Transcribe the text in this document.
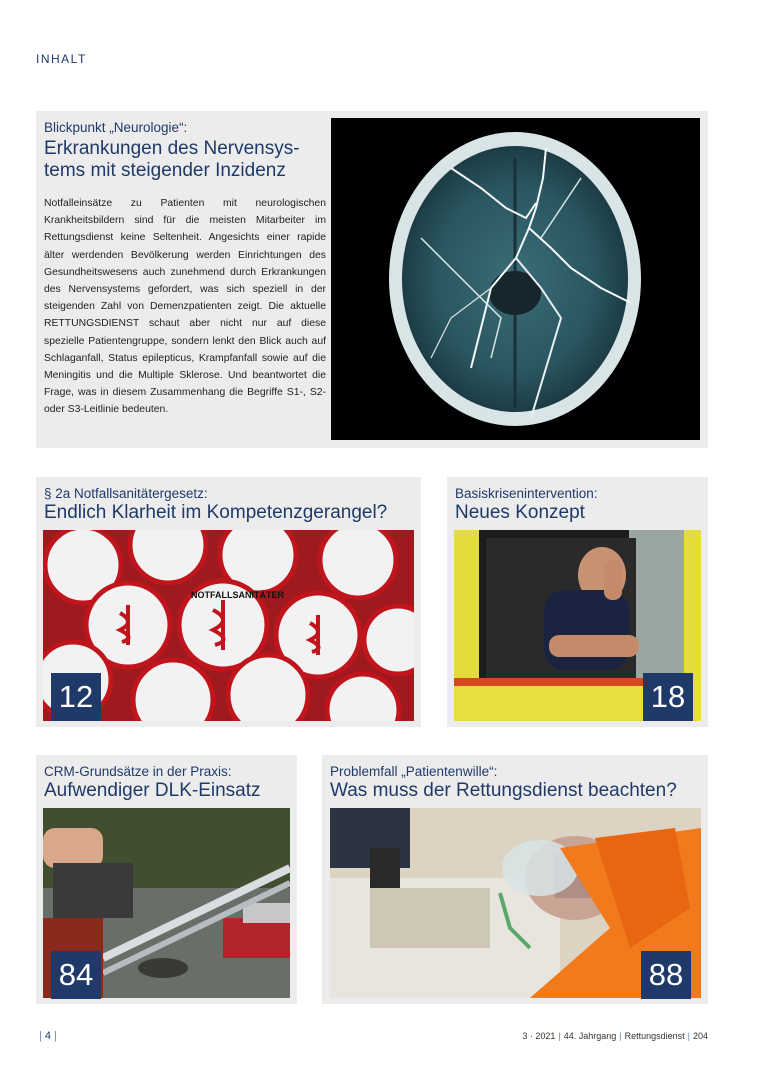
INHALT
Blickpunkt „Neurologie“:
Erkrankungen des Nervensys-
tems mit steigender Inzidenz
Notfalleinsätze zu Patienten mit neurologischen Krankheitsbildern sind für die meisten Mitarbeiter im Rettungsdienst keine Seltenheit. Angesichts einer rapide älter werdenden Bevölkerung werden Einrichtungen des Gesundheitswesens auch zunehmend durch Erkrankungen des Nervensystems gefordert, was sich speziell in der steigenden Zahl von Demenzpatienten zeigt. Die aktuelle RETTUNGSDIENST schaut aber nicht nur auf diese spezielle Patientengruppe, sondern lenkt den Blick auch auf Schlaganfall, Status epilepticus, Krampfanfall sowie auf die Meningitis und die Multiple Sklerose. Und beantwortet die Frage, was in diesem Zusammenhang die Begriffe S1-, S2- oder S3-Leitlinie bedeuten.
§ 2a Notfallsanitätergesetz:
Endlich Klarheit im Kompetenzgerangel?
NOTFALLSANITÄTER
12
Basiskrisenintervention:
Neues Konzept
18
CRM-Grundsätze in der Praxis:
Aufwendiger DLK-Einsatz
84
Problemfall „Patientenwille“:
Was muss der Rettungsdienst beachten?
88
| 4 |	3 · 2021 | 44. Jahrgang | Rettungsdienst | 204
